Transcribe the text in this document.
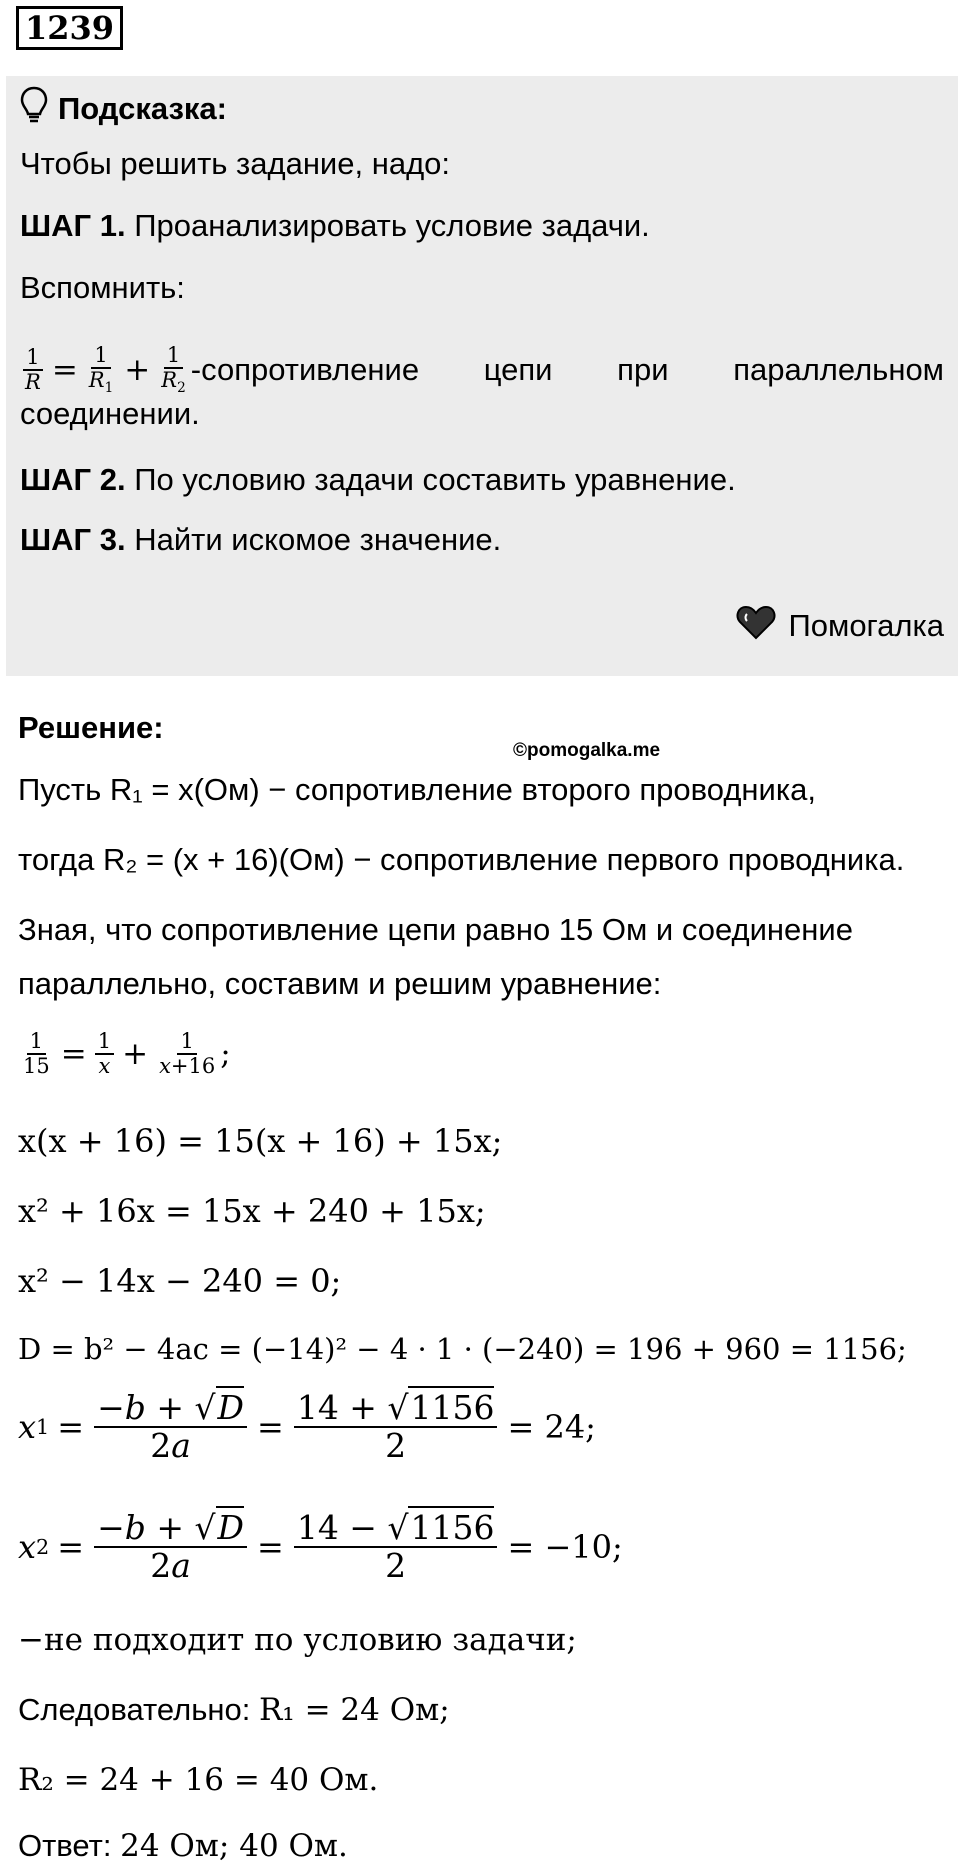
1239
Подсказка:
Чтобы решить задание, надо:
ШАГ 1. Проанализировать условие задачи.
Вспомнить:
$\frac{1}{R} = \frac{1}{R_1} + \frac{1}{R_2}$ -сопротивление цепи при параллельном
соединении.
ШАГ 2. По условию задачи составить уравнение.
ШАГ 3. Найти искомое значение.
Помогалка
Решение:
©pomogalka.me
Пусть R₁ = x(Ом) − сопротивление второго проводника,
тогда R₂ = (x + 16)(Ом) − сопротивление первого проводника.
Зная, что сопротивление цепи равно 15 Ом и соединение
параллельно, составим и решим уравнение:
$\frac{1}{15} = \frac{1}{x} + \frac{1}{x+16}$ ;
x(x + 16) = 15(x + 16) + 15x;
x² + 16x = 15x + 240 + 15x;
x² − 14x − 240 = 0;
D = b² − 4ac = (−14)² − 4 · 1 · (−240) = 196 + 960 = 1156;
x $1 = \frac{-b + √D}{2a} = \frac{14 + √1156}{2} = 24$;
x $2 = \frac{-b + √D}{2a} = \frac{14 - √1156}{2} = -10$;
−не подходит по условию задачи;
Следовательно: R₁ = 24 Ом;
R₂ = 24 + 16 = 40 Ом.
Ответ: 24 Ом; 40 Ом.
